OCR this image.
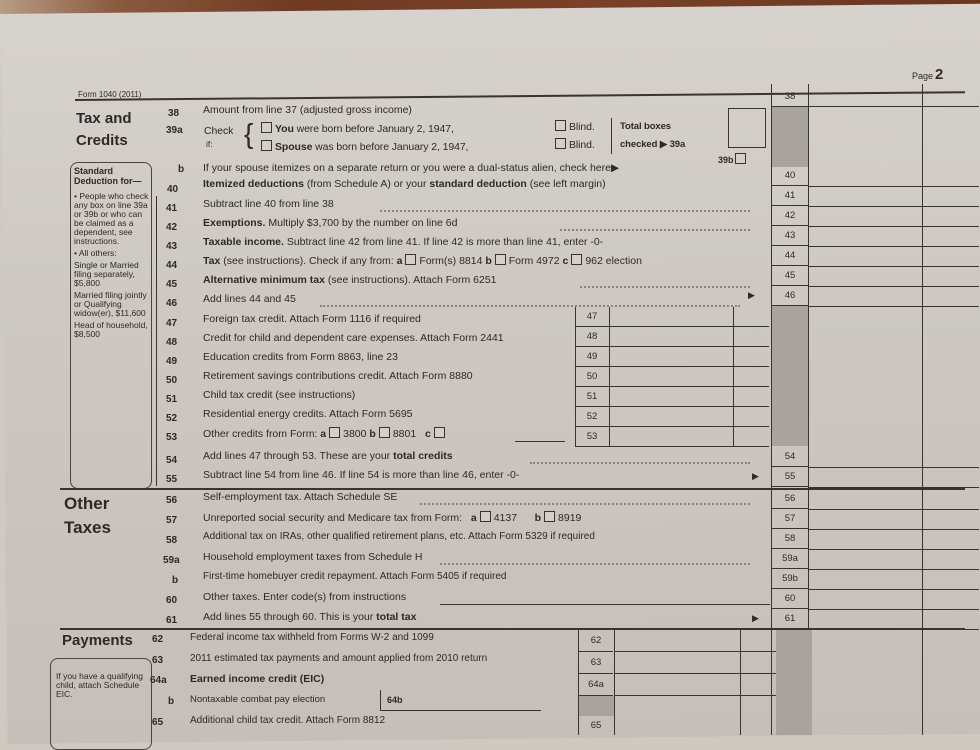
Form 1040 (2011)
Page 2
Tax and
Credits
Other
Taxes
Payments
Standard Deduction for—
• People who check any box on line 39a or 39b or who can be claimed as a dependent, see instructions.
• All others:
Single or Married filing separately, $5,800
Married filing jointly or Qualifying widow(er), $11,600
Head of household, $8,500
If you have a qualifying child, attach Schedule EIC.
38 Amount from line 37 (adjusted gross income)
39a Check
if: {	You were born before January 2, 1947,
Spouse was born before January 2, 1947,
Blind.
Blind.
Total boxes
checked ▶ 39a
b If your spouse itemizes on a separate return or you were a dual-status alien, check here▶
39b
40 Itemized deductions (from Schedule A) or your standard deduction (see left margin)
41 Subtract line 40 from line 38
42 Exemptions. Multiply $3,700 by the number on line 6d
43 Taxable income. Subtract line 42 from line 41. If line 42 is more than line 41, enter -0-
44 Tax (see instructions). Check if any from: a Form(s) 8814 b Form 4972 c 962 election
45 Alternative minimum tax (see instructions). Attach Form 6251
46 Add lines 44 and 45	▶
47 Foreign tax credit. Attach Form 1116 if required
48 Credit for child and dependent care expenses. Attach Form 2441
49 Education credits from Form 8863, line 23
50 Retirement savings contributions credit. Attach Form 8880
51 Child tax credit (see instructions)
52 Residential energy credits. Attach Form 5695
53 Other credits from Form: a 3800 b 8801 c
47
48
49
50
51
52
53
54 Add lines 47 through 53. These are your total credits
55 Subtract line 54 from line 46. If line 54 is more than line 46, enter -0-	▶
56 Self-employment tax. Attach Schedule SE
57 Unreported social security and Medicare tax from Form: a 4137 b 8919
58	Additional tax on IRAs, other qualified retirement plans, etc. Attach Form 5329 if required
59a Household employment taxes from Schedule H
b First-time homebuyer credit repayment. Attach Form 5405 if required
60 Other taxes. Enter code(s) from instructions
61 Add lines 55 through 60. This is your total tax	▶
62	Federal income tax withheld from Forms W-2 and 1099
63	2011 estimated tax payments and amount applied from 2010 return
64a Earned income credit (EIC)
b Nontaxable combat pay election	64b
65	Additional child tax credit. Attach Form 8812
62
63
64a
65
38
40
41
42
43
44
45
46
54
55
56
57
58
59a
59b
60
61
